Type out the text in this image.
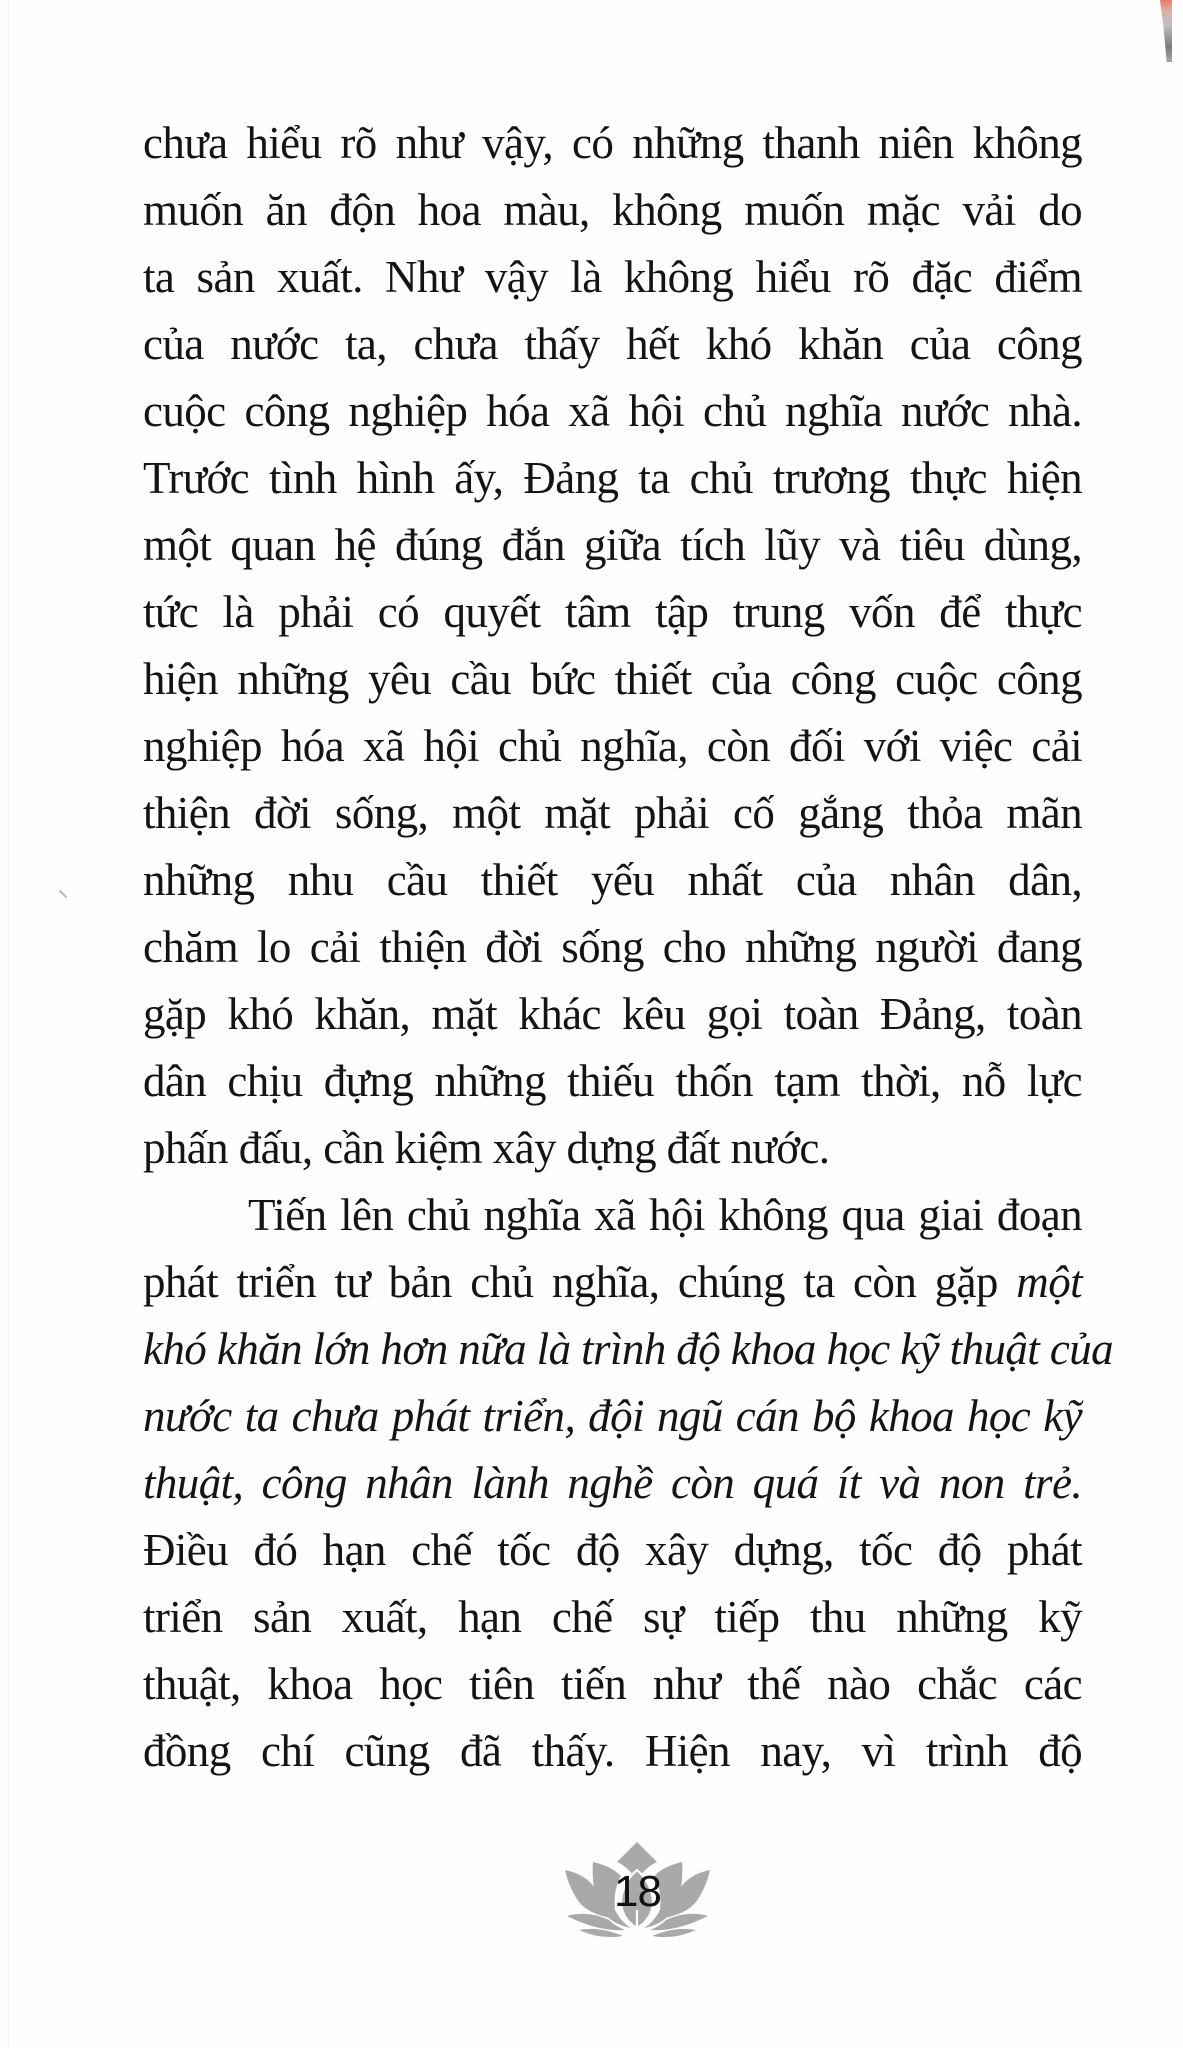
chưa hiểu rõ như vậy, có những thanh niên không
muốn ăn độn hoa màu, không muốn mặc vải do
ta sản xuất. Như vậy là không hiểu rõ đặc điểm
của nước ta, chưa thấy hết khó khăn của công
cuộc công nghiệp hóa xã hội chủ nghĩa nước nhà.
Trước tình hình ấy, Đảng ta chủ trương thực hiện
một quan hệ đúng đắn giữa tích lũy và tiêu dùng,
tức là phải có quyết tâm tập trung vốn để thực
hiện những yêu cầu bức thiết của công cuộc công
nghiệp hóa xã hội chủ nghĩa, còn đối với việc cải
thiện đời sống, một mặt phải cố gắng thỏa mãn
những nhu cầu thiết yếu nhất của nhân dân,
chăm lo cải thiện đời sống cho những người đang
gặp khó khăn, mặt khác kêu gọi toàn Đảng, toàn
dân chịu đựng những thiếu thốn tạm thời, nỗ lực
phấn đấu, cần kiệm xây dựng đất nước.
Tiến lên chủ nghĩa xã hội không qua giai đoạn
phát triển tư bản chủ nghĩa, chúng ta còn gặp một
khó khăn lớn hơn nữa là trình độ khoa học kỹ thuật của
nước ta chưa phát triển, đội ngũ cán bộ khoa học kỹ
thuật, công nhân lành nghề còn quá ít và non trẻ.
Điều đó hạn chế tốc độ xây dựng, tốc độ phát
triển sản xuất, hạn chế sự tiếp thu những kỹ
thuật, khoa học tiên tiến như thế nào chắc các
đồng chí cũng đã thấy. Hiện nay, vì trình độ
18
